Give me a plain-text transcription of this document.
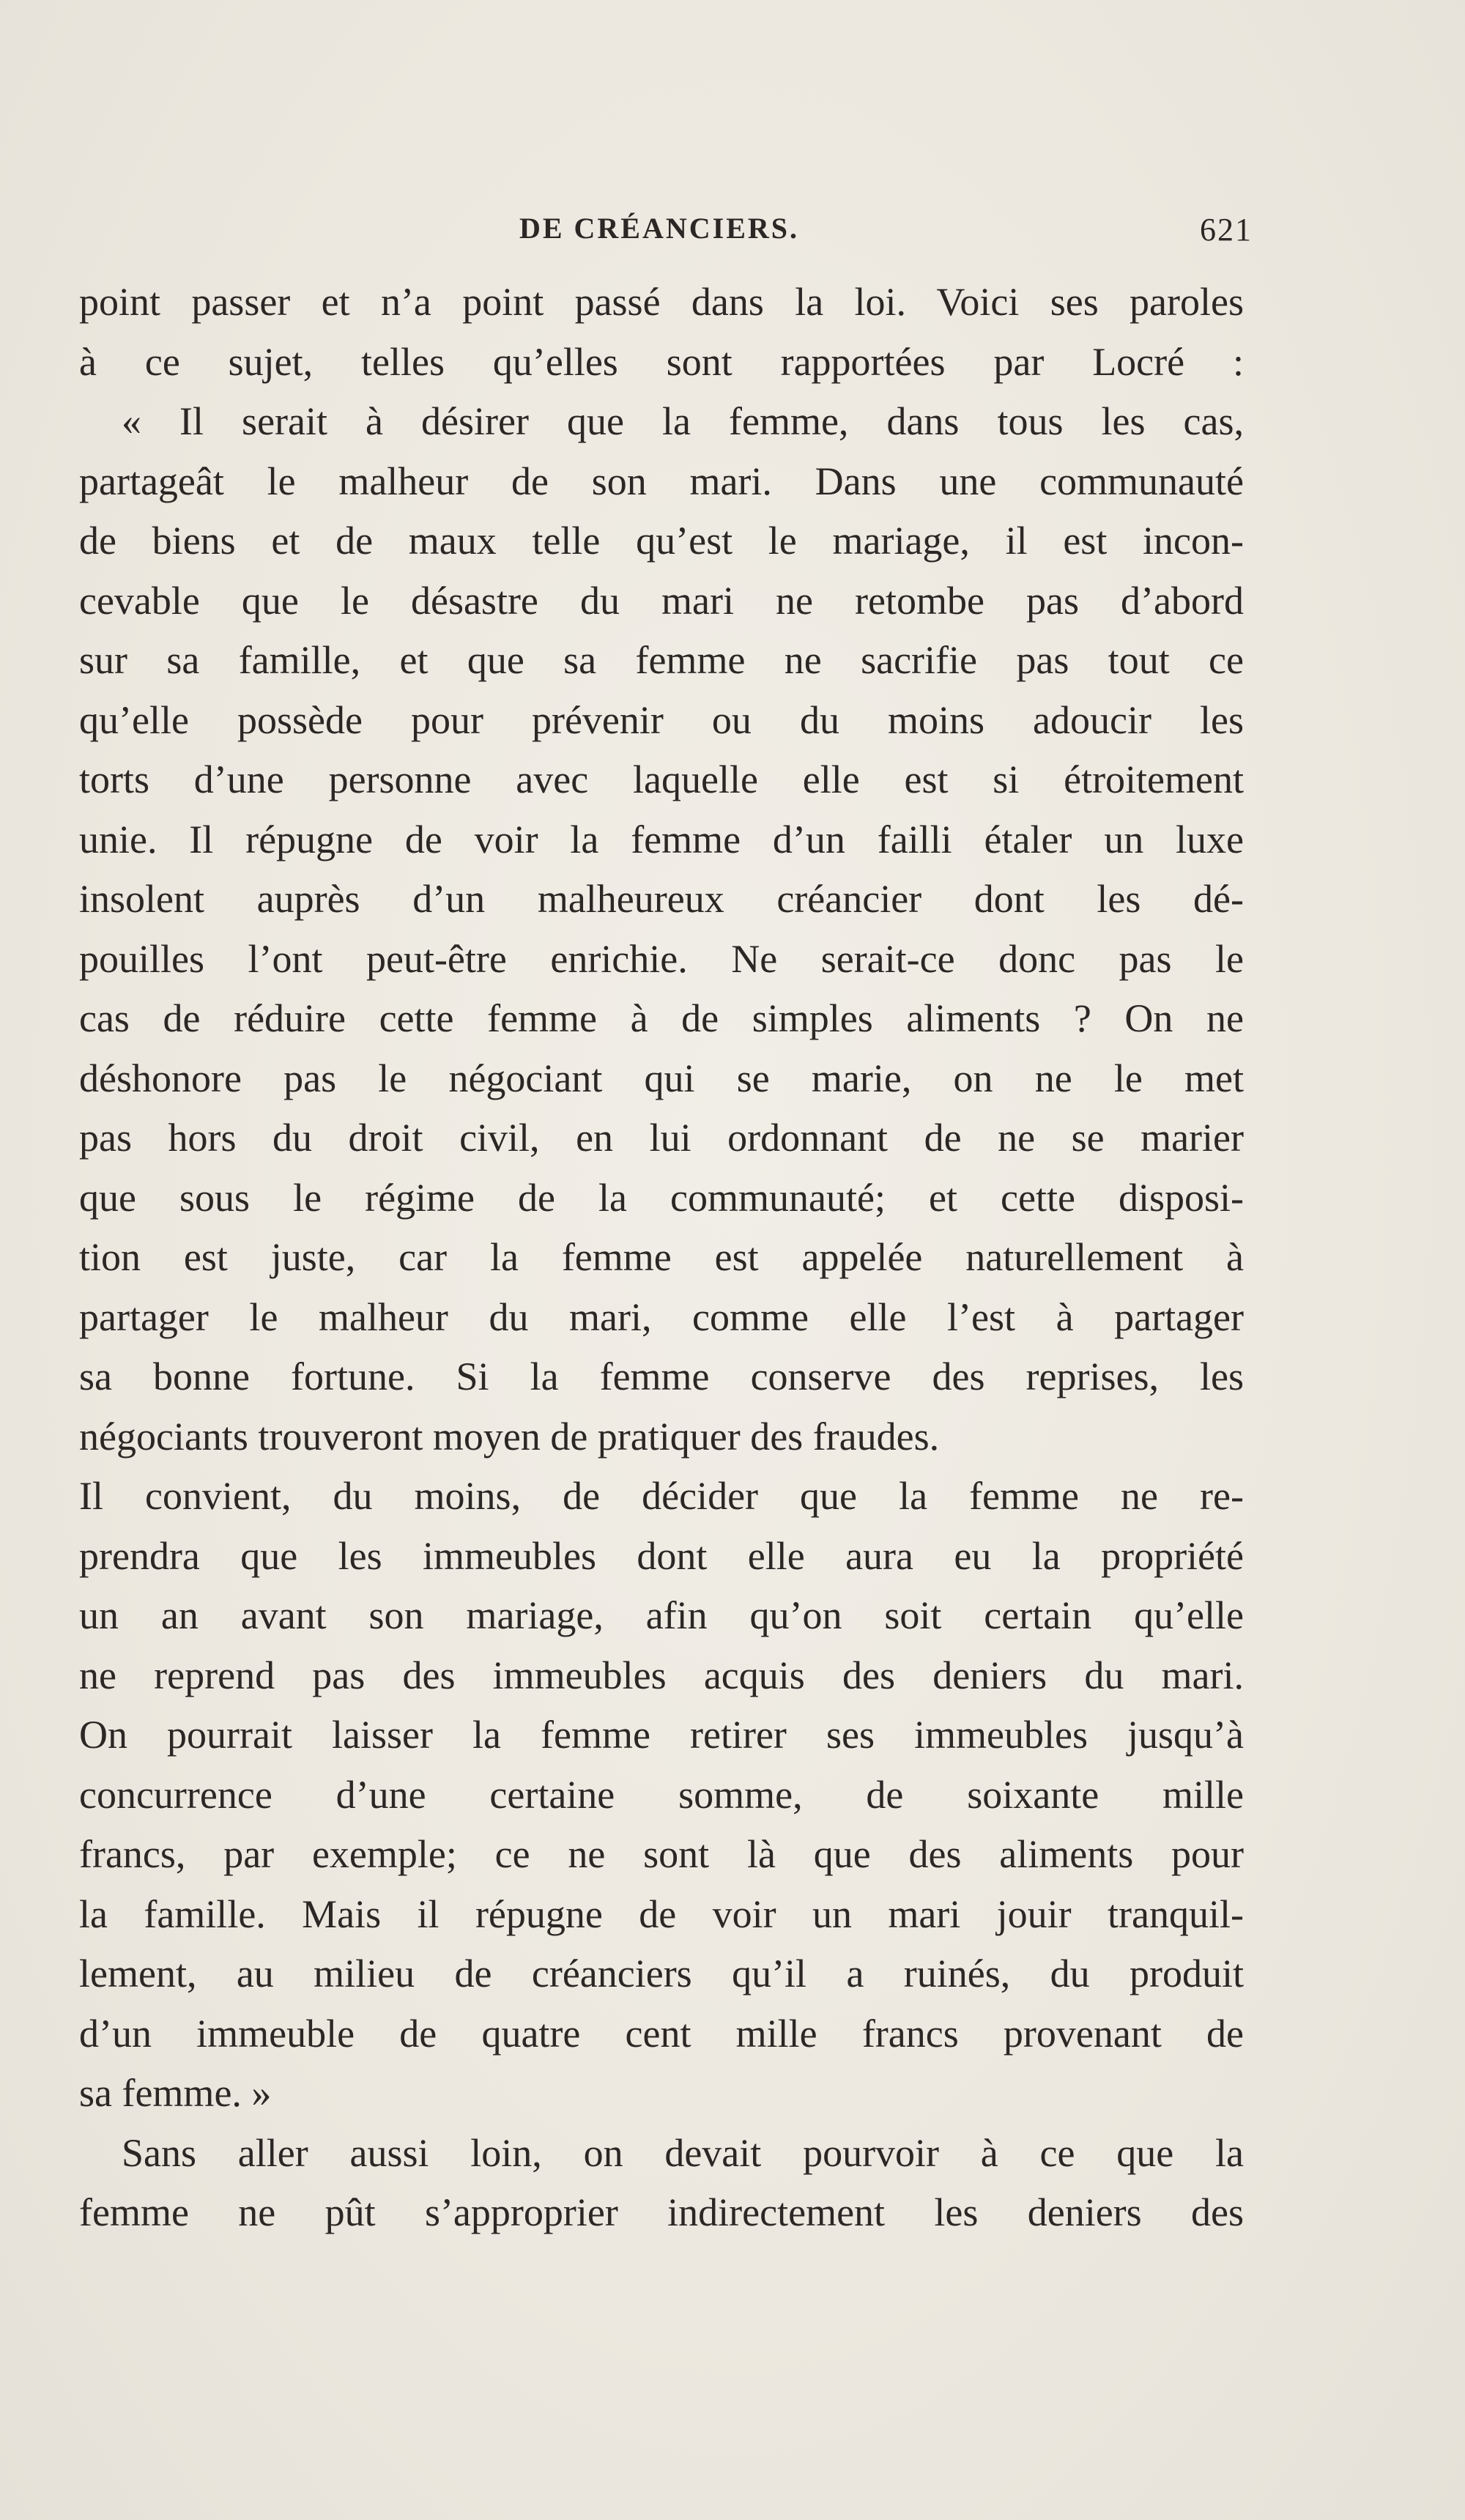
DE CRÉANCIERS.	621
point passer et n’a point passé dans la loi. Voici ses paroles
à ce sujet, telles qu’elles sont rapportées par Locré :
« Il serait à désirer que la femme, dans tous les cas,
partageât le malheur de son mari. Dans une communauté
de biens et de maux telle qu’est le mariage, il est incon-
cevable que le désastre du mari ne retombe pas d’abord
sur sa famille, et que sa femme ne sacrifie pas tout ce
qu’elle possède pour prévenir ou du moins adoucir les
torts d’une personne avec laquelle elle est si étroitement
unie. Il répugne de voir la femme d’un failli étaler un luxe
insolent auprès d’un malheureux créancier dont les dé-
pouilles l’ont peut-être enrichie. Ne serait-ce donc pas le
cas de réduire cette femme à de simples aliments ? On ne
déshonore pas le négociant qui se marie, on ne le met
pas hors du droit civil, en lui ordonnant de ne se marier
que sous le régime de la communauté; et cette disposi-
tion est juste, car la femme est appelée naturellement à
partager le malheur du mari, comme elle l’est à partager
sa bonne fortune. Si la femme conserve des reprises, les
négociants trouveront moyen de pratiquer des fraudes.
Il convient, du moins, de décider que la femme ne re-
prendra que les immeubles dont elle aura eu la propriété
un an avant son mariage, afin qu’on soit certain qu’elle
ne reprend pas des immeubles acquis des deniers du mari.
On pourrait laisser la femme retirer ses immeubles jusqu’à
concurrence d’une certaine somme, de soixante mille
francs, par exemple; ce ne sont là que des aliments pour
la famille. Mais il répugne de voir un mari jouir tranquil-
lement, au milieu de créanciers qu’il a ruinés, du produit
d’un immeuble de quatre cent mille francs provenant de
sa femme. »
Sans aller aussi loin, on devait pourvoir à ce que la
femme ne pût s’approprier indirectement les deniers des
